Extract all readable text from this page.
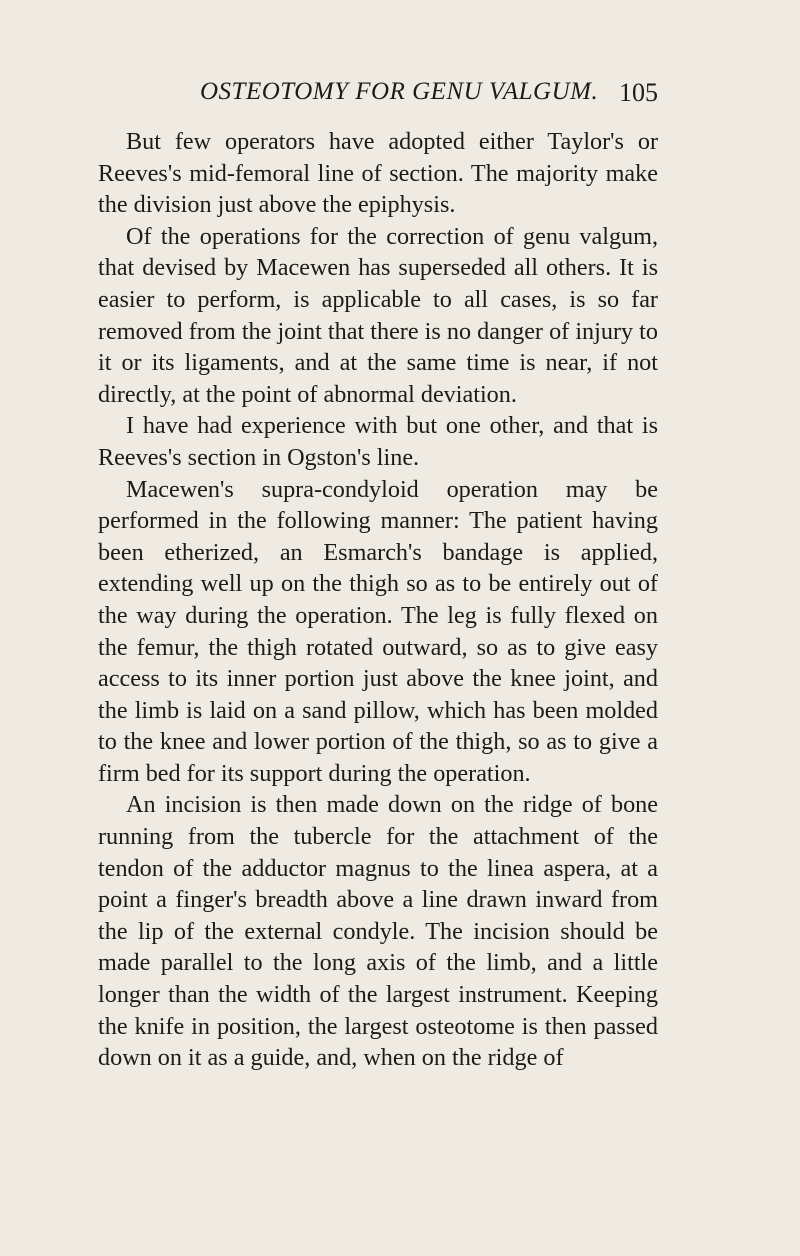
OSTEOTOMY FOR GENU VALGUM. 105

But few operators have adopted either Taylor's or Reeves's mid-femoral line of section. The majority make the division just above the epiphysis.

Of the operations for the correction of genu valgum, that devised by Macewen has superseded all others. It is easier to perform, is applicable to all cases, is so far removed from the joint that there is no danger of injury to it or its ligaments, and at the same time is near, if not directly, at the point of abnormal deviation.

I have had experience with but one other, and that is Reeves's section in Ogston's line.

Macewen's supra-condyloid operation may be performed in the following manner: The patient having been etherized, an Esmarch's bandage is applied, extending well up on the thigh so as to be entirely out of the way during the operation. The leg is fully flexed on the femur, the thigh rotated outward, so as to give easy access to its inner portion just above the knee joint, and the limb is laid on a sand pillow, which has been molded to the knee and lower portion of the thigh, so as to give a firm bed for its support during the operation.

An incision is then made down on the ridge of bone running from the tubercle for the attachment of the tendon of the adductor magnus to the linea aspera, at a point a finger's breadth above a line drawn inward from the lip of the external condyle. The incision should be made parallel to the long axis of the limb, and a little longer than the width of the largest instrument. Keeping the knife in position, the largest osteotome is then passed down on it as a guide, and, when on the ridge of
